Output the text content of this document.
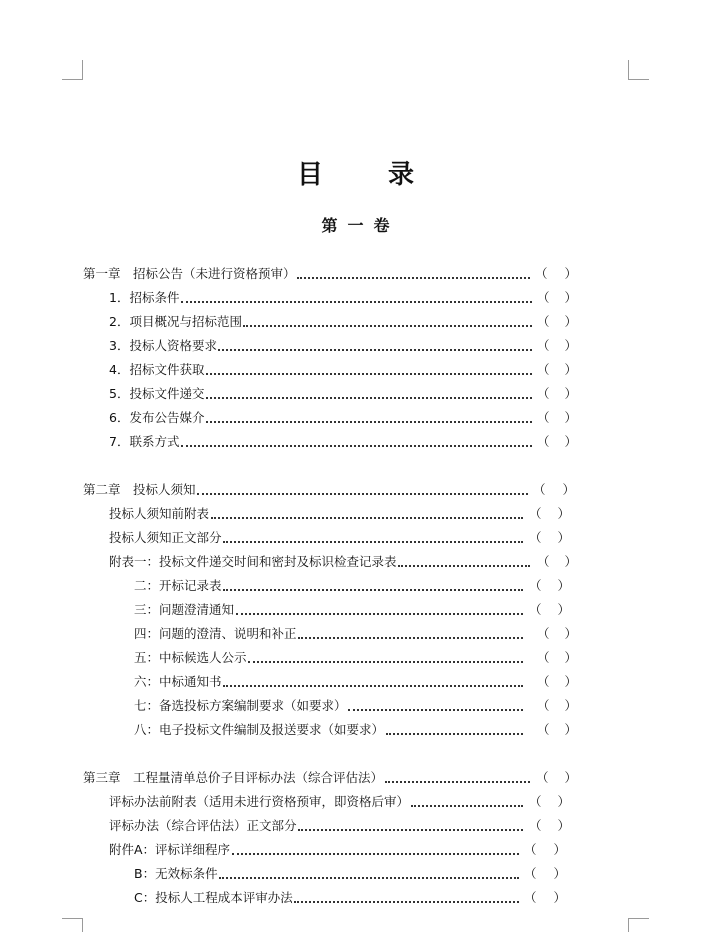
目 录
第一卷
第一章　招标公告（未进行资格预审）	（ ）
1．招标条件	（ ）
2．项目概况与招标范围	（ ）
3．投标人资格要求	（ ）
4．招标文件获取	（ ）
5．投标文件递交	（ ）
6．发布公告媒介	（ ）
7．联系方式	（ ）
第二章　投标人须知	（ ）
投标人须知前附表	（ ）
投标人须知正文部分	（ ）
附表一：投标文件递交时间和密封及标识检查记录表	（ ）
二：开标记录表	（ ）
三：问题澄清通知	（ ）
四：问题的澄清、说明和补正	（ ）
五：中标候选人公示	（ ）
六：中标通知书	（ ）
七：备选投标方案编制要求（如要求）	（ ）
八：电子投标文件编制及报送要求（如要求）	（ ）
第三章　工程量清单总价子目评标办法（综合评估法）	（ ）
评标办法前附表（适用未进行资格预审，即资格后审）	（ ）
评标办法（综合评估法）正文部分	（ ）
附件A：评标详细程序	（ ）
B：无效标条件	（ ）
C：投标人工程成本评审办法	（ ）
